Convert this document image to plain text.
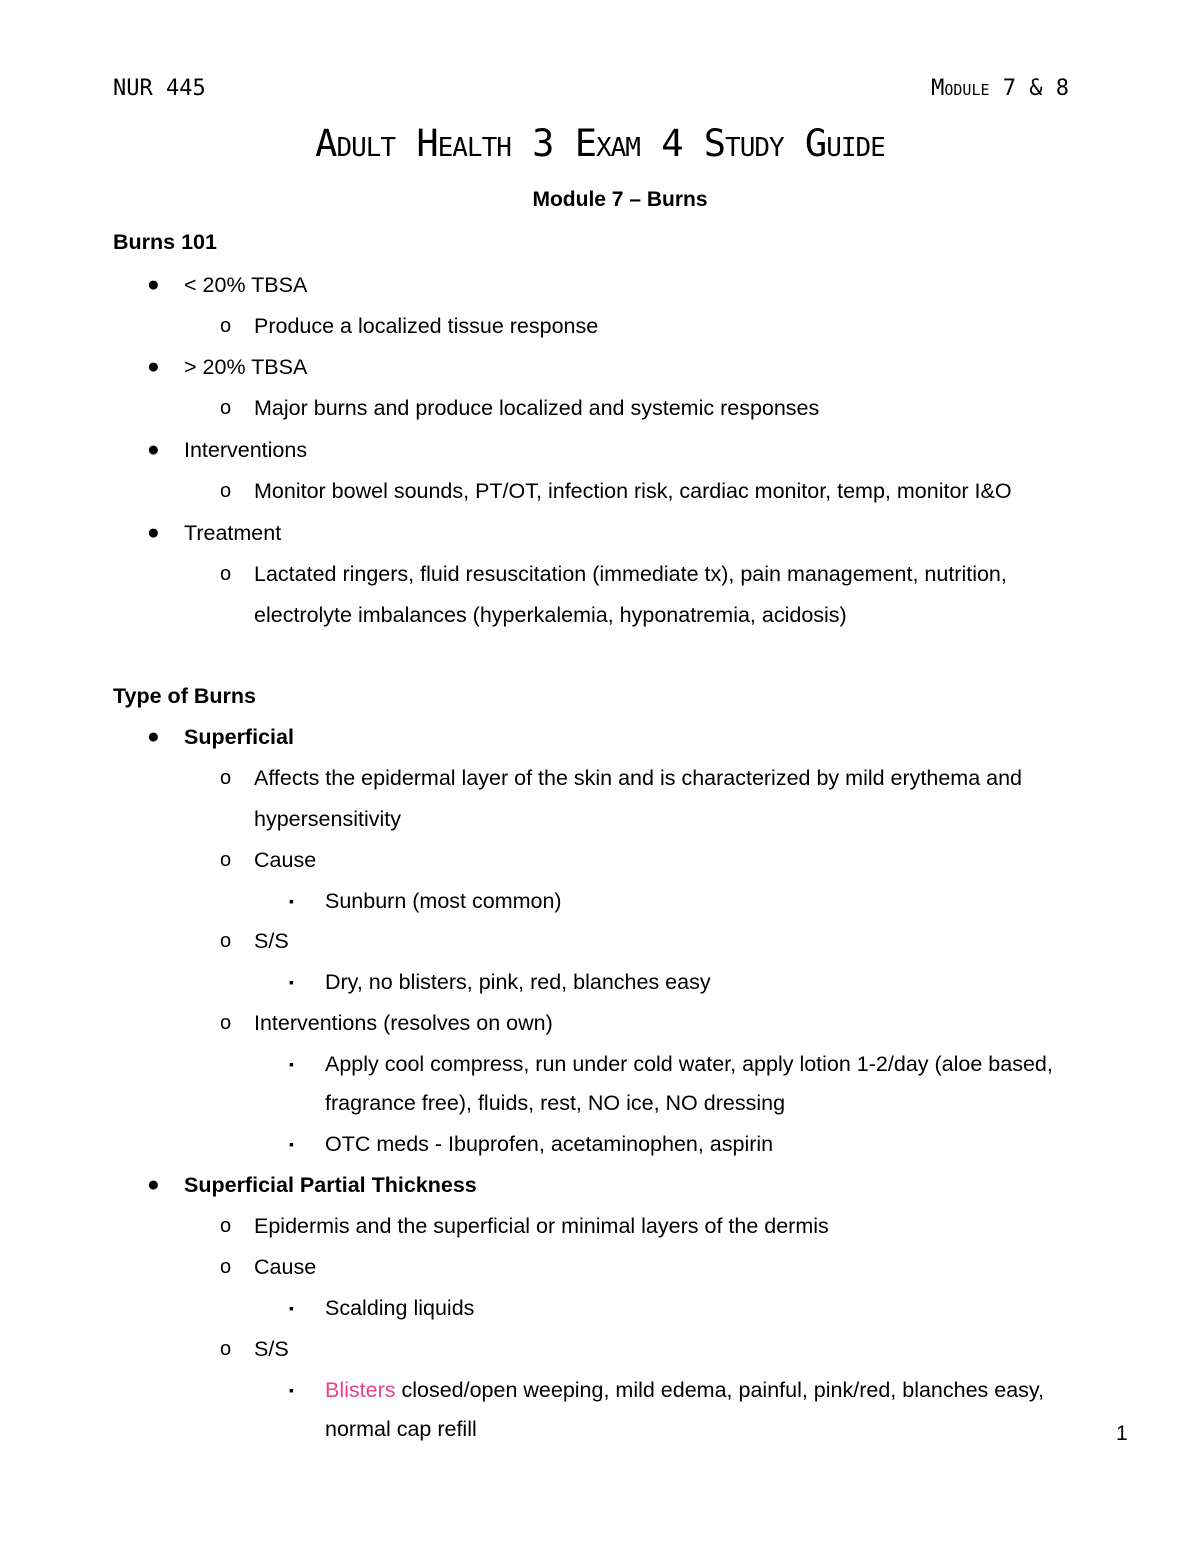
NUR 445	Module 7 & 8
Adult Health 3 Exam 4 Study Guide
Module 7 – Burns
Burns 101
● < 20% TBSA
o Produce a localized tissue response
● > 20% TBSA
o Major burns and produce localized and systemic responses
● Interventions
o Monitor bowel sounds, PT/OT, infection risk, cardiac monitor, temp, monitor I&O
● Treatment
o Lactated ringers, fluid resuscitation (immediate tx), pain management, nutrition,
electrolyte imbalances (hyperkalemia, hyponatremia, acidosis)
Type of Burns
● Superficial
o Affects the epidermal layer of the skin and is characterized by mild erythema and
hypersensitivity
o Cause
▪ Sunburn (most common)
o S/S
▪ Dry, no blisters, pink, red, blanches easy
o Interventions (resolves on own)
▪ Apply cool compress, run under cold water, apply lotion 1-2/day (aloe based,
fragrance free), fluids, rest, NO ice, NO dressing
▪ OTC meds - Ibuprofen, acetaminophen, aspirin
● Superficial Partial Thickness
o Epidermis and the superficial or minimal layers of the dermis
o Cause
▪ Scalding liquids
o S/S
▪ Blisters closed/open weeping, mild edema, painful, pink/red, blanches easy,
normal cap refill	1
